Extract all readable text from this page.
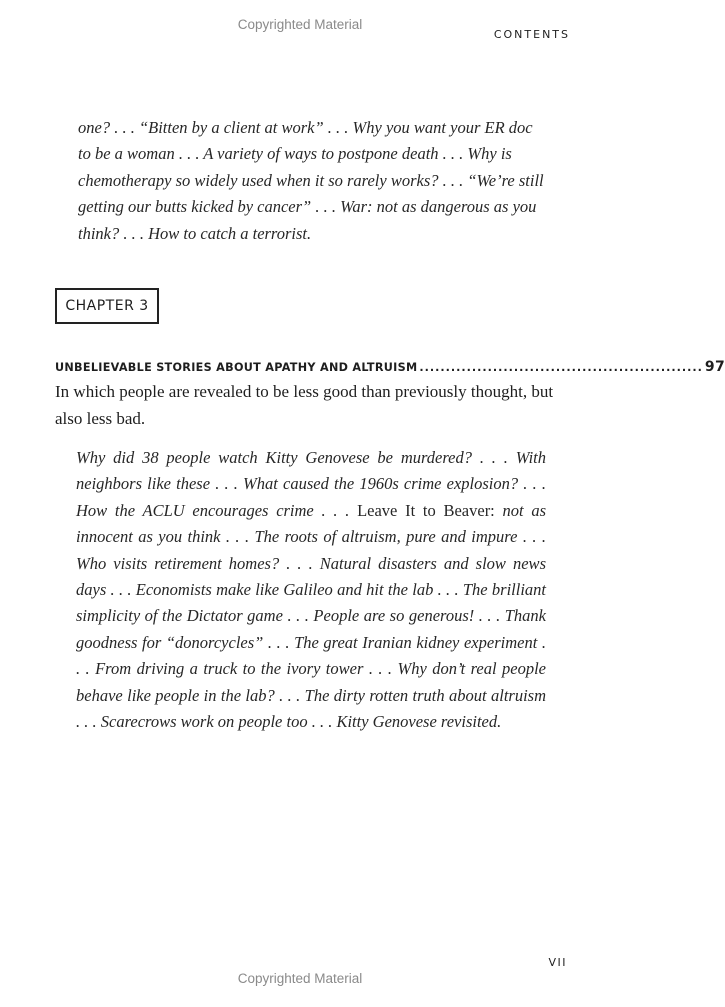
Copyrighted Material
CONTENTS

one? . . . “Bitten by a client at work” . . . Why you want your ER doc to be a woman . . . A variety of ways to postpone death . . . Why is chemotherapy so widely used when it so rarely works? . . . “We’re still getting our butts kicked by cancer” . . . War: not as dangerous as you think? . . . How to catch a terrorist.

CHAPTER 3
UNBELIEVABLE STORIES ABOUT APATHY AND ALTRUISM ...................................................... 97

In which people are revealed to be less good than previously thought, but also less bad.

Why did 38 people watch Kitty Genovese be murdered? . . . With neighbors like these . . . What caused the 1960s crime explosion? . . . How the ACLU encourages crime . . . Leave It to Beaver: not as innocent as you think . . . The roots of altruism, pure and impure . . . Who visits retirement homes? . . . Natural disasters and slow news days . . . Economists make like Galileo and hit the lab . . . The brilliant simplicity of the Dictator game . . . People are so generous! . . . Thank goodness for “donorcycles” . . . The great Iranian kidney experiment . . . From driving a truck to the ivory tower . . . Why don’t real people behave like people in the lab? . . . The dirty rotten truth about altruism . . . Scarecrows work on people too . . . Kitty Genovese revisited.

VII
Copyrighted Material
